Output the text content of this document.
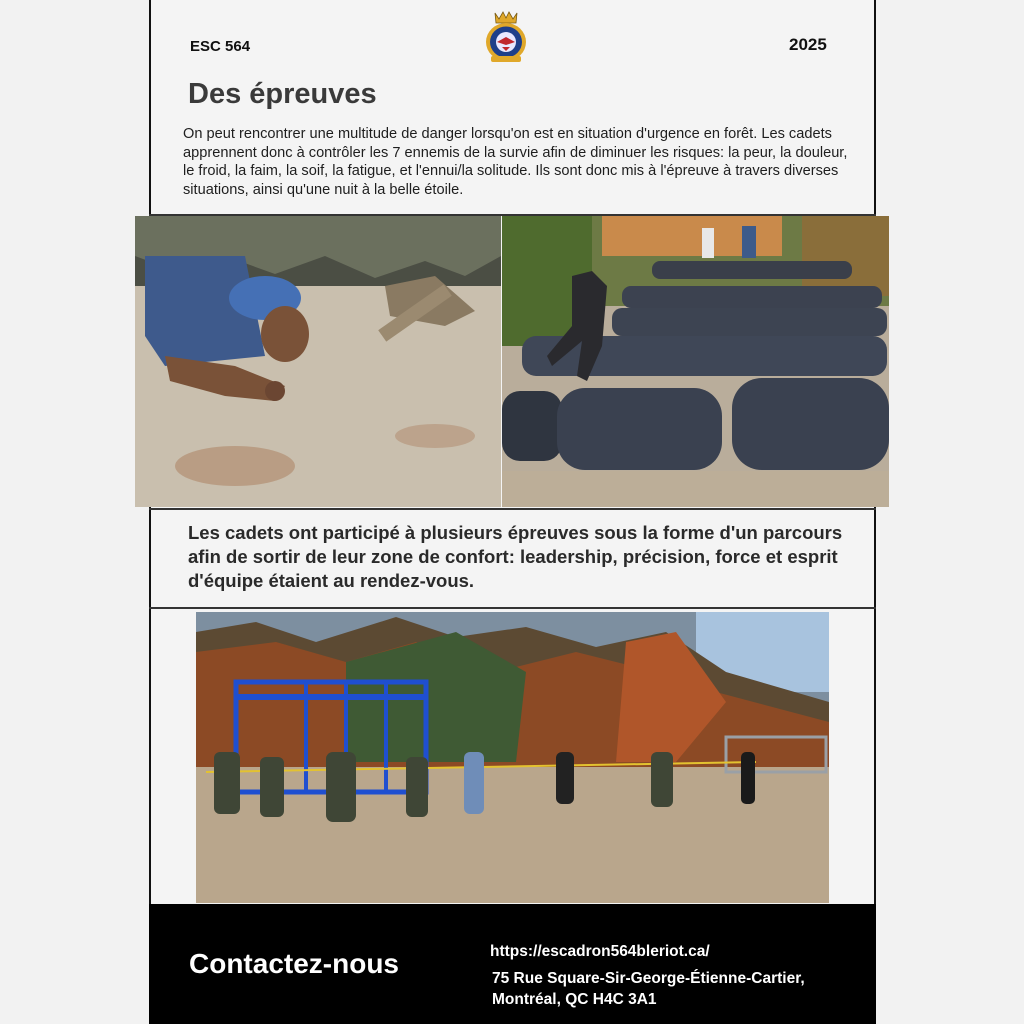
ESC 564	2025
Des épreuves

On peut rencontrer une multitude de danger lorsqu'on est en situation d'urgence en forêt. Les cadets apprennent donc à contrôler les 7 ennemis de la survie afin de diminuer les risques: la peur, la douleur, le froid, la faim, la soif, la fatigue, et l'ennui/la solitude. Ils sont donc mis à l'épreuve à travers diverses situations, ainsi qu'une nuit à la belle étoile.

Les cadets ont participé à plusieurs épreuves sous la forme d'un parcours afin de sortir de leur zone de confort: leadership, précision, force et esprit d'équipe étaient au rendez-vous.

Contactez-nous	https://escadron564bleriot.ca/
75 Rue Square-Sir-George-Étienne-Cartier,
Montréal, QC H4C 3A1
